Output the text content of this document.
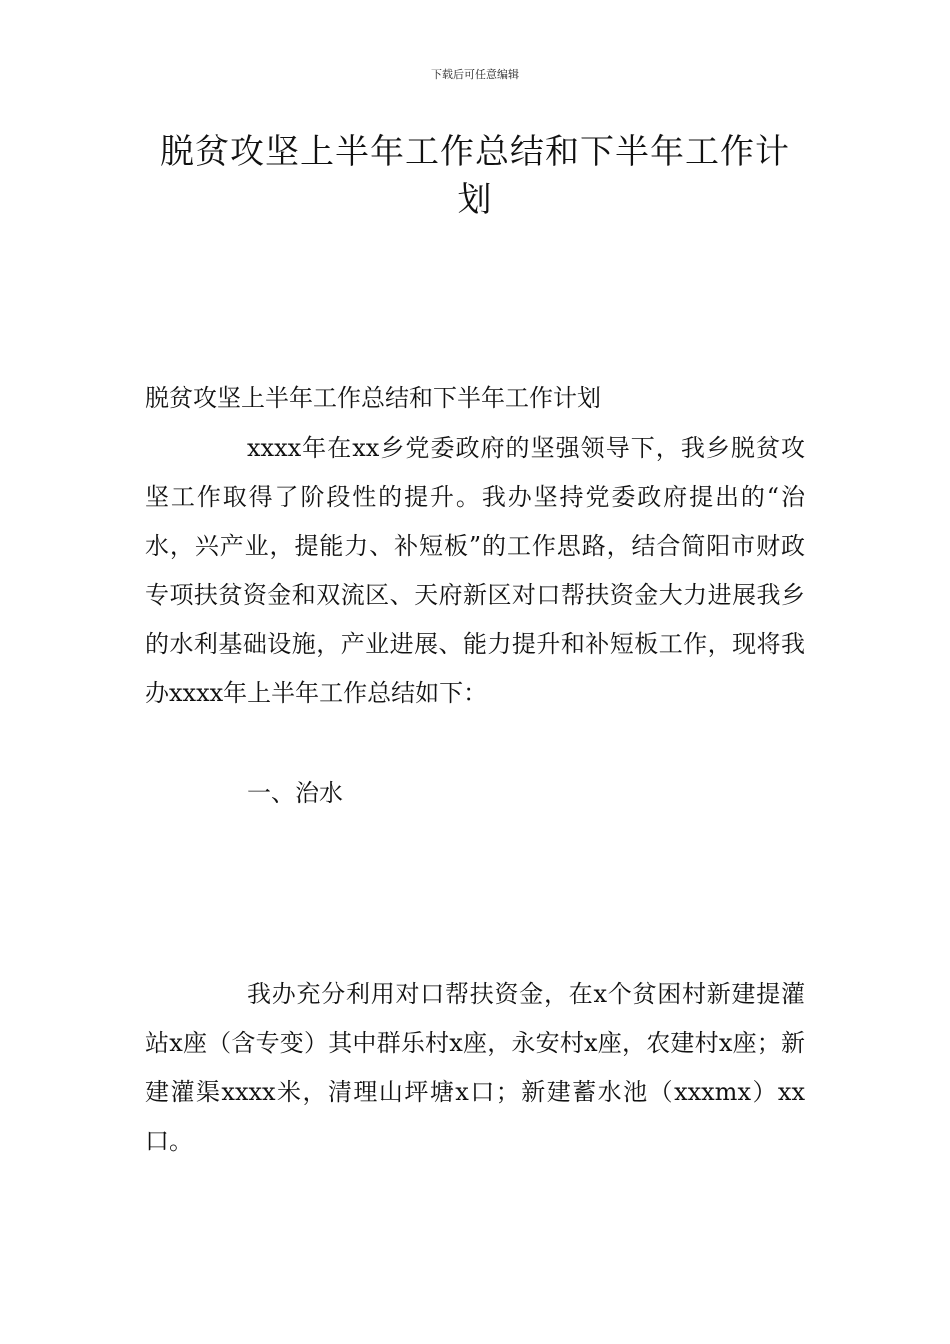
下载后可任意编辑
脱贫攻坚上半年工作总结和下半年工作计划
脱贫攻坚上半年工作总结和下半年工作计划

xxxx年在xx乡党委政府的坚强领导下，我乡脱贫攻坚工作取得了阶段性的提升。我办坚持党委政府提出的“治水，兴产业，提能力、补短板”的工作思路，结合简阳市财政专项扶贫资金和双流区、天府新区对口帮扶资金大力进展我乡的水利基础设施，产业进展、能力提升和补短板工作，现将我办xxxx年上半年工作总结如下：

一、治水

我办充分利用对口帮扶资金，在x个贫困村新建提灌站x座（含专变）其中群乐村x座，永安村x座，农建村x座；新建灌渠xxxx米，清理山坪塘x口；新建蓄水池（xxxmx）xx口。
